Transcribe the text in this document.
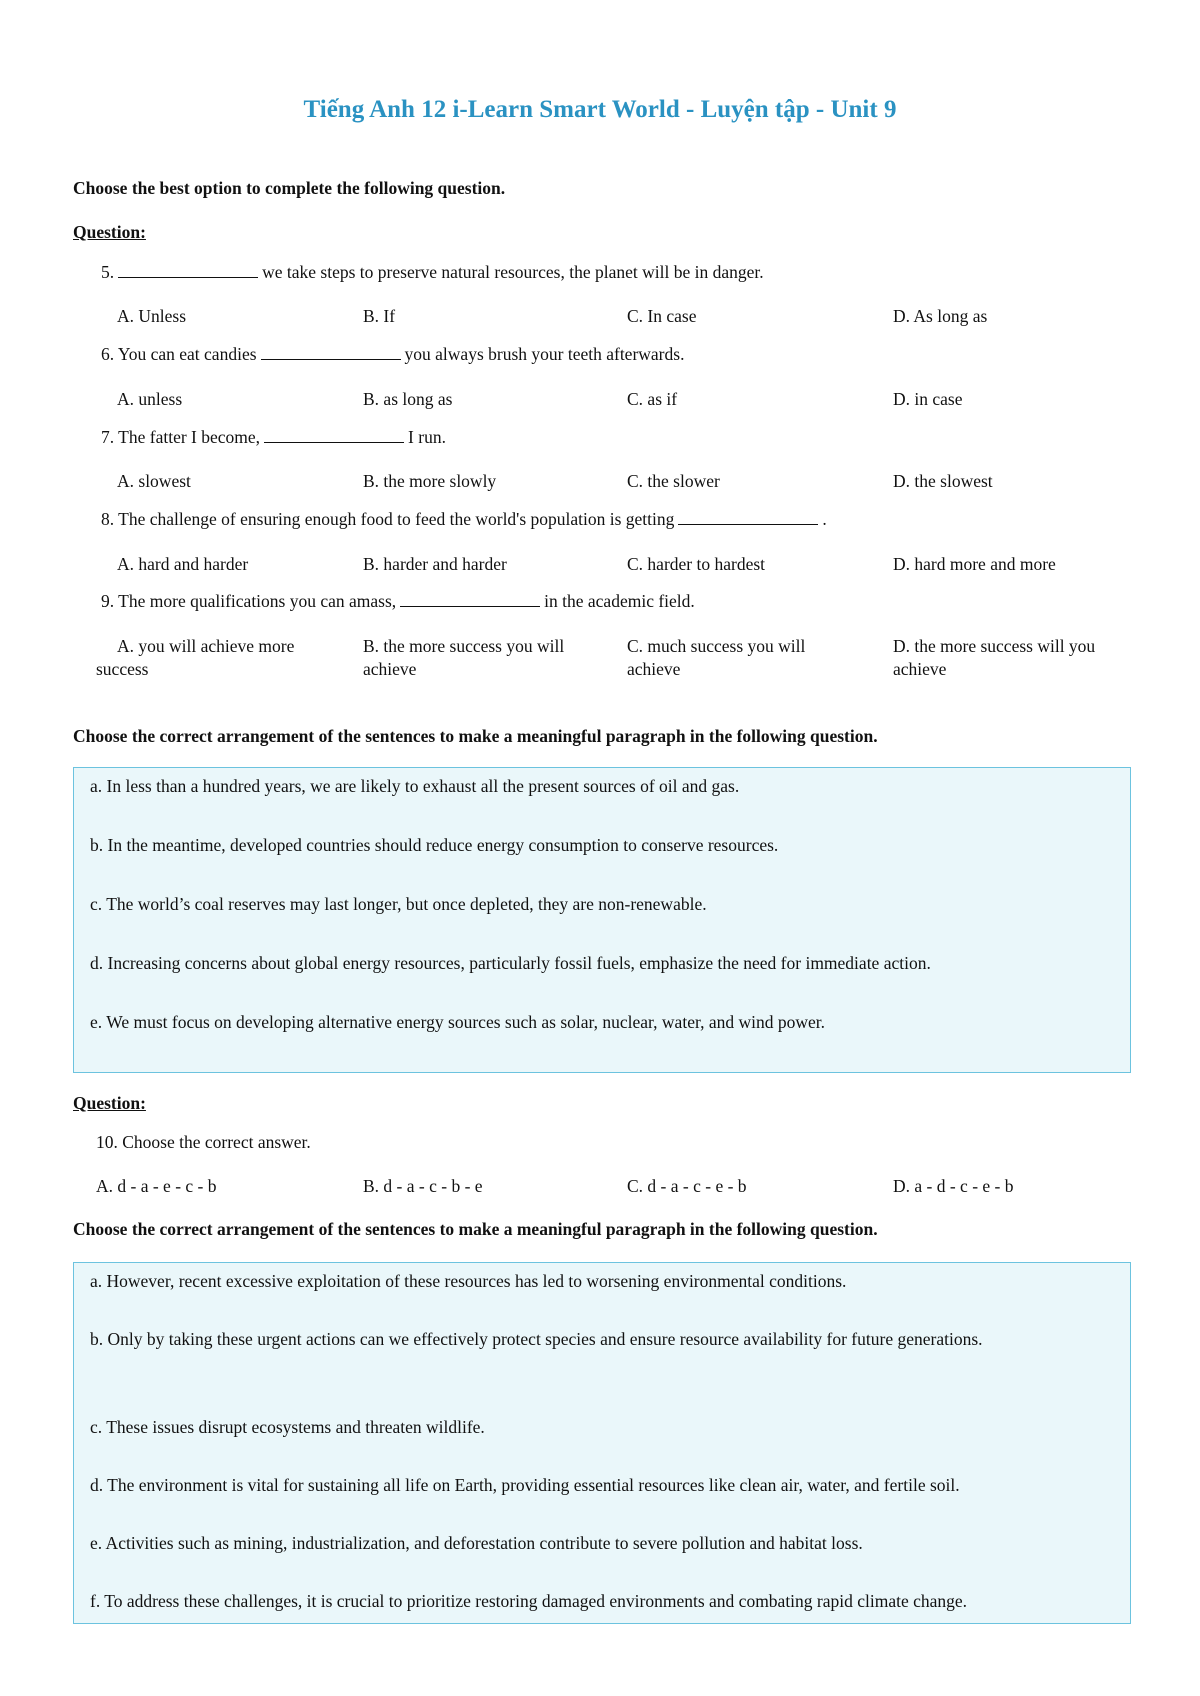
Tiếng Anh 12 i-Learn Smart World - Luyện tập - Unit 9
Choose the best option to complete the following question.
Question:
5.	we take steps to preserve natural resources, the planet will be in danger.
A. Unless	B. If	C. In case	D. As long as
6. You can eat candies	you always brush your teeth afterwards.
A. unless	B. as long as	C. as if	D. in case
7. The fatter I become,	I run.
A. slowest	B. the more slowly	C. the slower	D. the slowest
8. The challenge of ensuring enough food to feed the world's population is getting	.
A. hard and harder	B. harder and harder	C. harder to hardest	D. hard more and more
9. The more qualifications you can amass,	in the academic field.
A. you will achieve more success
B. the more success you will achieve
C. much success you will achieve
D. the more success will you achieve
Choose the correct arrangement of the sentences to make a meaningful paragraph in the following question.
a. In less than a hundred years, we are likely to exhaust all the present sources of oil and gas.
b. In the meantime, developed countries should reduce energy consumption to conserve resources.
c. The world’s coal reserves may last longer, but once depleted, they are non-renewable.
d. Increasing concerns about global energy resources, particularly fossil fuels, emphasize the need for immediate action.
e. We must focus on developing alternative energy sources such as solar, nuclear, water, and wind power.
Question:
10. Choose the correct answer.
A. d - a - e - c - b	B. d - a - c - b - e	C. d - a - c - e - b	D. a - d - c - e - b
Choose the correct arrangement of the sentences to make a meaningful paragraph in the following question.
a. However, recent excessive exploitation of these resources has led to worsening environmental conditions.
b. Only by taking these urgent actions can we effectively protect species and ensure resource availability for future generations.
c. These issues disrupt ecosystems and threaten wildlife.
d. The environment is vital for sustaining all life on Earth, providing essential resources like clean air, water, and fertile soil.
e. Activities such as mining, industrialization, and deforestation contribute to severe pollution and habitat loss.
f. To address these challenges, it is crucial to prioritize restoring damaged environments and combating rapid climate change.
